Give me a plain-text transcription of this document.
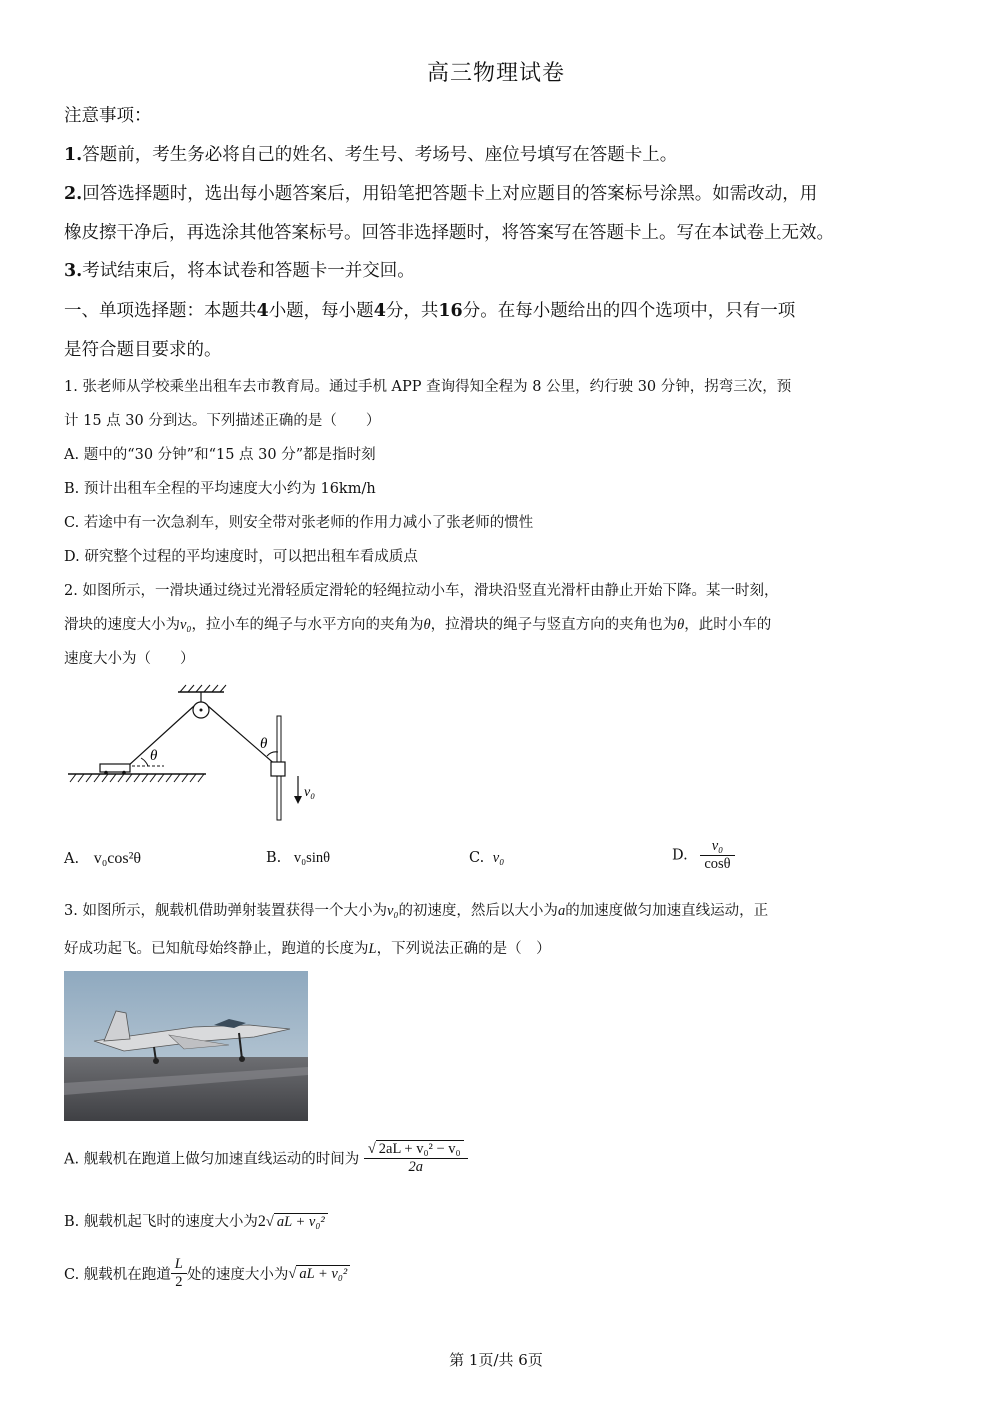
高三物理试卷
注意事项：
1.答题前，考生务必将自己的姓名、考生号、考场号、座位号填写在答题卡上。
2.回答选择题时，选出每小题答案后，用铅笔把答题卡上对应题目的答案标号涂黑。如需改动，用
橡皮擦干净后，再选涂其他答案标号。回答非选择题时，将答案写在答题卡上。写在本试卷上无效。
3.考试结束后，将本试卷和答题卡一并交回。
一、单项选择题：本题共4小题，每小题4分，共16分。在每小题给出的四个选项中，只有一项
是符合题目要求的。
1. 张老师从学校乘坐出租车去市教育局。通过手机 APP 查询得知全程为 8 公里，约行驶 30 分钟，拐弯三次，预
计 15 点 30 分到达。下列描述正确的是（　　）
A. 题中的“30 分钟”和“15 点 30 分”都是指时刻
B. 预计出租车全程的平均速度大小约为 16km/h
C. 若途中有一次急刹车，则安全带对张老师的作用力减小了张老师的惯性
D. 研究整个过程的平均速度时，可以把出租车看成质点
2. 如图所示，一滑块通过绕过光滑轻质定滑轮的轻绳拉动小车，滑块沿竖直光滑杆由静止开始下降。某一时刻，
滑块的速度大小为v₀，拉小车的绳子与水平方向的夹角为θ，拉滑块的绳子与竖直方向的夹角也为θ，此时小车的
速度大小为（　　）
θ
θ
v₀
A. v₀cos²θ	B. v₀sinθ	C. v₀	D. $\frac{\text{v₀}}{\cos\theta}$
3. 如图所示，舰载机借助弹射装置获得一个大小为v₀的初速度，然后以大小为a的加速度做匀加速直线运动，正
好成功起飞。已知航母始终静止，跑道的长度为L，下列说法正确的是（　）
A. 舰载机在跑道上做匀加速直线运动的时间为 $\frac{\text{√ 2aL + v₀² − v₀}}{2a}$
B. 舰载机起飞时的速度大小为2√ aL + v₀²
C. 舰载机在跑道 $\frac{L}{2}$ 处的速度大小为√ aL + v₀²
第 1页/共 6页
